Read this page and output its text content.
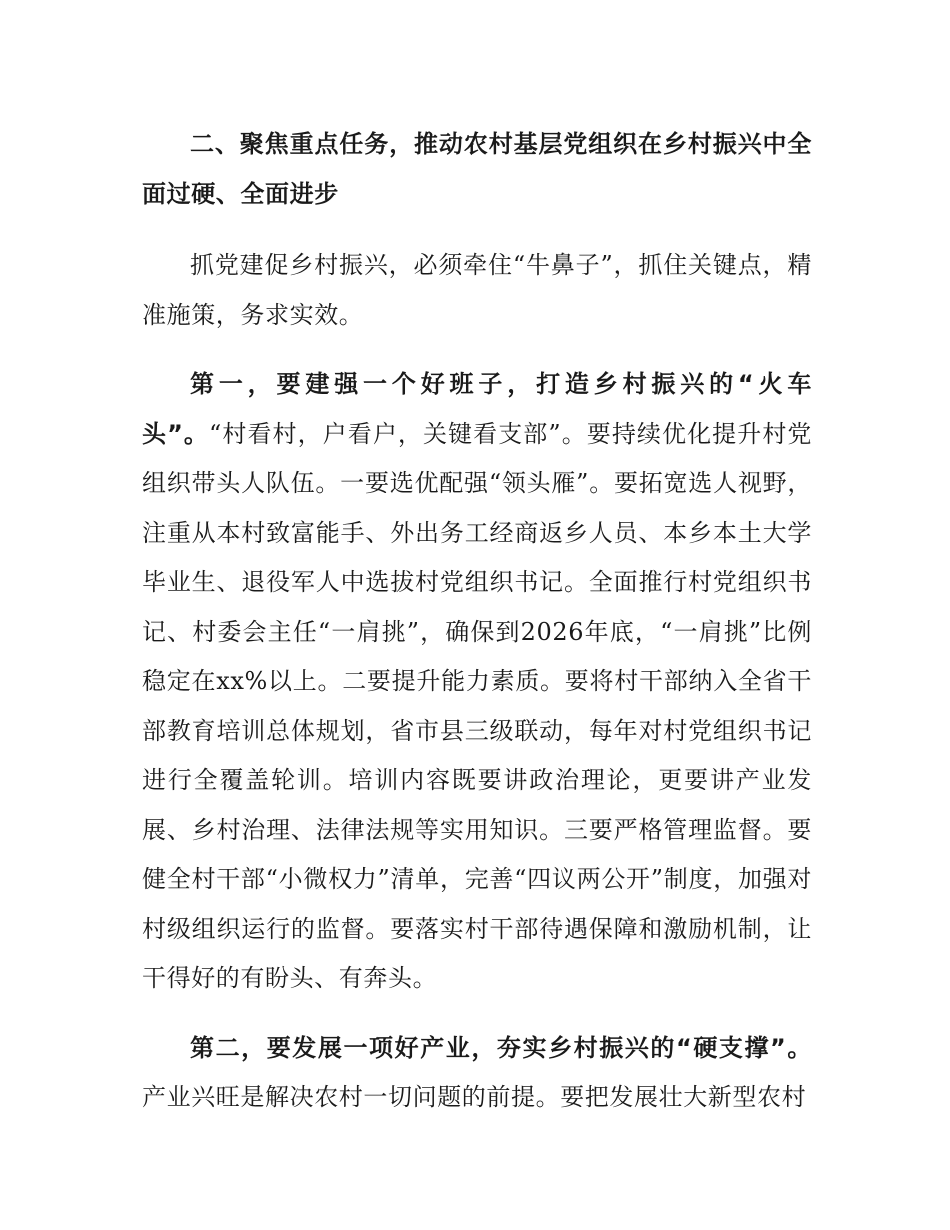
二、聚焦重点任务，推动农村基层党组织在乡村振兴中全面过硬、全面进步

抓党建促乡村振兴，必须牵住“牛鼻子”，抓住关键点，精准施策，务求实效。

第一，要建强一个好班子，打造乡村振兴的“火车头”。“村看村，户看户，关键看支部”。要持续优化提升村党组织带头人队伍。一要选优配强“领头雁”。要拓宽选人视野，注重从本村致富能手、外出务工经商返乡人员、本乡本土大学毕业生、退役军人中选拔村党组织书记。全面推行村党组织书记、村委会主任“一肩挑”，确保到2026年底，“一肩挑”比例稳定在xx%以上。二要提升能力素质。要将村干部纳入全省干部教育培训总体规划，省市县三级联动，每年对村党组织书记进行全覆盖轮训。培训内容既要讲政治理论，更要讲产业发展、乡村治理、法律法规等实用知识。三要严格管理监督。要健全村干部“小微权力”清单，完善“四议两公开”制度，加强对村级组织运行的监督。要落实村干部待遇保障和激励机制，让干得好的有盼头、有奔头。

第二，要发展一项好产业，夯实乡村振兴的“硬支撑”。产业兴旺是解决农村一切问题的前提。要把发展壮大新型农村
